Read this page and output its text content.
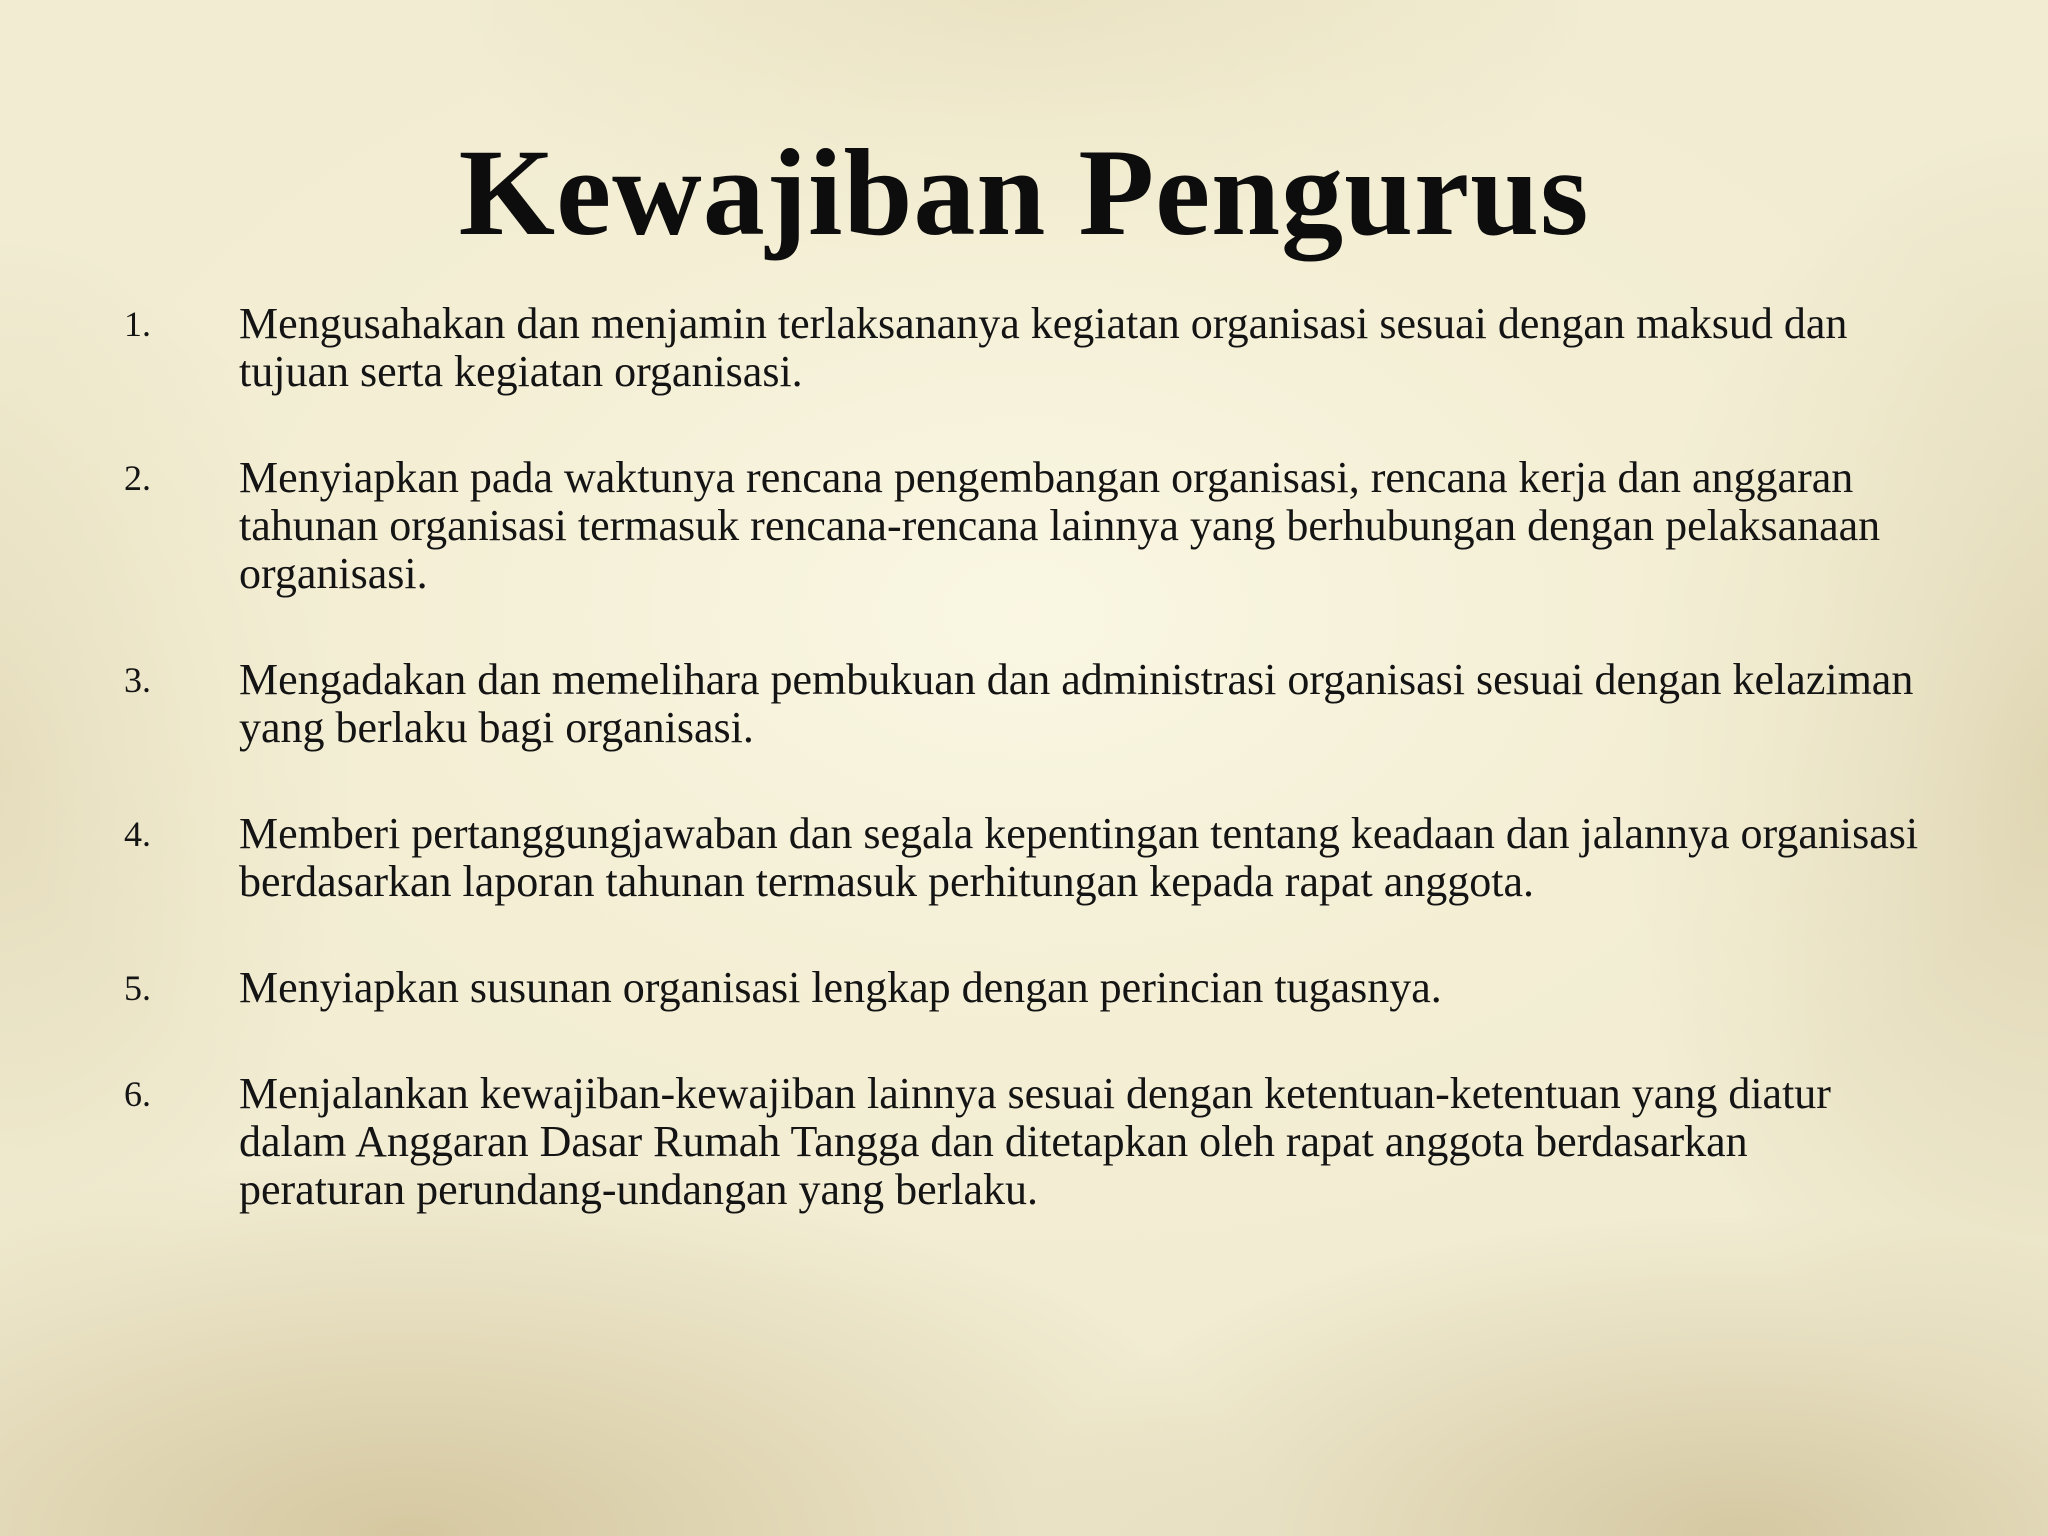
Kewajiban Pengurus
1.	Mengusahakan dan menjamin terlaksananya kegiatan organisasi sesuai dengan maksud dan tujuan serta kegiatan organisasi.
2.	Menyiapkan pada waktunya rencana pengembangan organisasi, rencana kerja dan anggaran tahunan organisasi termasuk rencana-rencana lainnya yang berhubungan dengan pelaksanaan organisasi.
3.	Mengadakan dan memelihara pembukuan dan administrasi organisasi sesuai dengan kelaziman yang berlaku bagi organisasi.
4.	Memberi pertanggungjawaban dan segala kepentingan tentang keadaan dan jalannya organisasi berdasarkan laporan tahunan termasuk perhitungan kepada rapat anggota.
5.	Menyiapkan susunan organisasi lengkap dengan perincian tugasnya.
6.	Menjalankan kewajiban-kewajiban lainnya sesuai dengan ketentuan-ketentuan yang diatur dalam Anggaran Dasar Rumah Tangga dan ditetapkan oleh rapat anggota berdasarkan peraturan perundang-undangan yang berlaku.
